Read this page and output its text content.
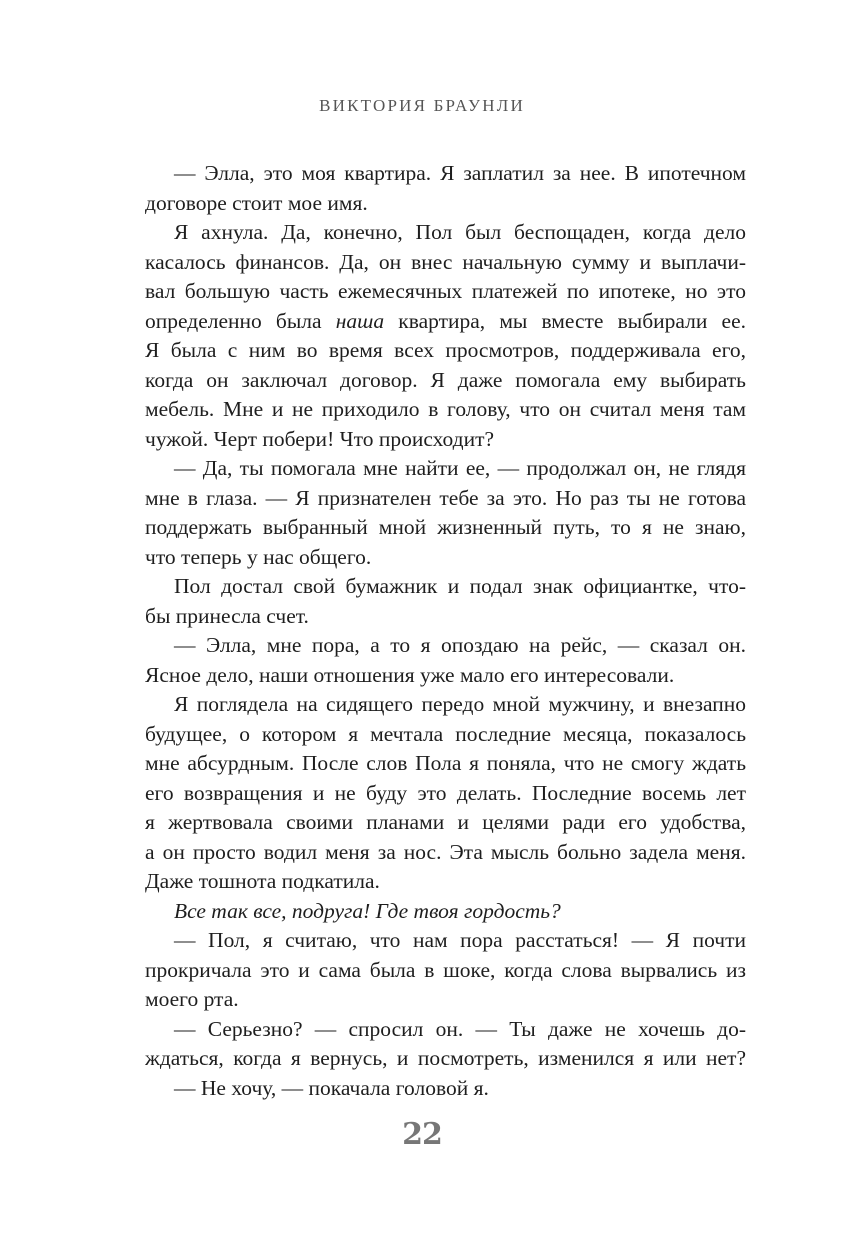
ВИКТОРИЯ БРАУНЛИ
— Элла, это моя квартира. Я заплатил за нее. В ипотечном
договоре стоит мое имя.
Я ахнула. Да, конечно, Пол был беспощаден, когда дело
касалось финансов. Да, он внес начальную сумму и выплачи-
вал большую часть ежемесячных платежей по ипотеке, но это
определенно была наша квартира, мы вместе выбирали ее.
Я была с ним во время всех просмотров, поддерживала его,
когда он заключал договор. Я даже помогала ему выбирать
мебель. Мне и не приходило в голову, что он считал меня там
чужой. Черт побери! Что происходит?
— Да, ты помогала мне найти ее, — продолжал он, не глядя
мне в глаза. — Я признателен тебе за это. Но раз ты не готова
поддержать выбранный мной жизненный путь, то я не знаю,
что теперь у нас общего.
Пол достал свой бумажник и подал знак официантке, что-
бы принесла счет.
— Элла, мне пора, а то я опоздаю на рейс, — сказал он.
Ясное дело, наши отношения уже мало его интересовали.
Я поглядела на сидящего передо мной мужчину, и внезапно
будущее, о котором я мечтала последние месяца, показалось
мне абсурдным. После слов Пола я поняла, что не смогу ждать
его возвращения и не буду это делать. Последние восемь лет
я жертвовала своими планами и целями ради его удобства,
а он просто водил меня за нос. Эта мысль больно задела меня.
Даже тошнота подкатила.
Все так все, подруга! Где твоя гордость?
— Пол, я считаю, что нам пора расстаться! — Я почти
прокричала это и сама была в шоке, когда слова вырвались из
моего рта.
— Серьезно? — спросил он. — Ты даже не хочешь до-
ждаться, когда я вернусь, и посмотреть, изменился я или нет?
— Не хочу, — покачала головой я.
22
